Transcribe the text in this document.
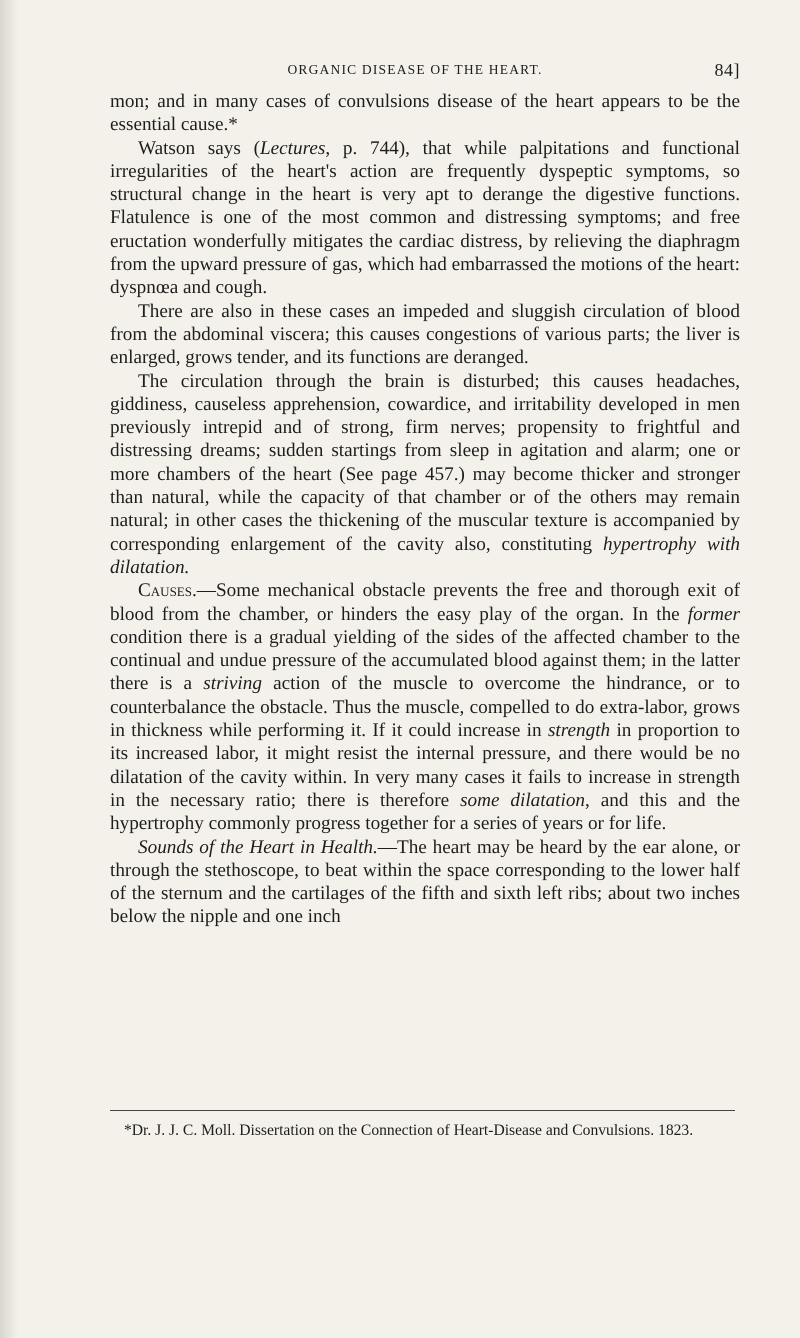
ORGANIC DISEASE OF THE HEART.	84]

mon; and in many cases of convulsions disease of the heart appears to be the essential cause.*

Watson says (Lectures, p. 744), that while palpitations and functional irregularities of the heart's action are frequently dyspeptic symptoms, so structural change in the heart is very apt to derange the digestive functions. Flatulence is one of the most common and distressing symptoms; and free eructation wonderfully mitigates the cardiac distress, by relieving the diaphragm from the upward pressure of gas, which had embarrassed the motions of the heart: dyspnœa and cough.

There are also in these cases an impeded and sluggish circulation of blood from the abdominal viscera; this causes congestions of various parts; the liver is enlarged, grows tender, and its functions are deranged.

The circulation through the brain is disturbed; this causes headaches, giddiness, causeless apprehension, cowardice, and irritability developed in men previously intrepid and of strong, firm nerves; propensity to frightful and distressing dreams; sudden startings from sleep in agitation and alarm; one or more chambers of the heart (See page 457.) may become thicker and stronger than natural, while the capacity of that chamber or of the others may remain natural; in other cases the thickening of the muscular texture is accompanied by corresponding enlargement of the cavity also, constituting hypertrophy with dilatation.

Causes.—Some mechanical obstacle prevents the free and thorough exit of blood from the chamber, or hinders the easy play of the organ. In the former condition there is a gradual yielding of the sides of the affected chamber to the continual and undue pressure of the accumulated blood against them; in the latter there is a striving action of the muscle to overcome the hindrance, or to counterbalance the obstacle. Thus the muscle, compelled to do extra-labor, grows in thickness while performing it. If it could increase in strength in proportion to its increased labor, it might resist the internal pressure, and there would be no dilatation of the cavity within. In very many cases it fails to increase in strength in the necessary ratio; there is therefore some dilatation, and this and the hypertrophy commonly progress together for a series of years or for life.

Sounds of the Heart in Health.—The heart may be heard by the ear alone, or through the stethoscope, to beat within the space corresponding to the lower half of the sternum and the cartilages of the fifth and sixth left ribs; about two inches below the nipple and one inch

*Dr. J. J. C. Moll. Dissertation on the Connection of Heart-Disease and Convulsions. 1823.
